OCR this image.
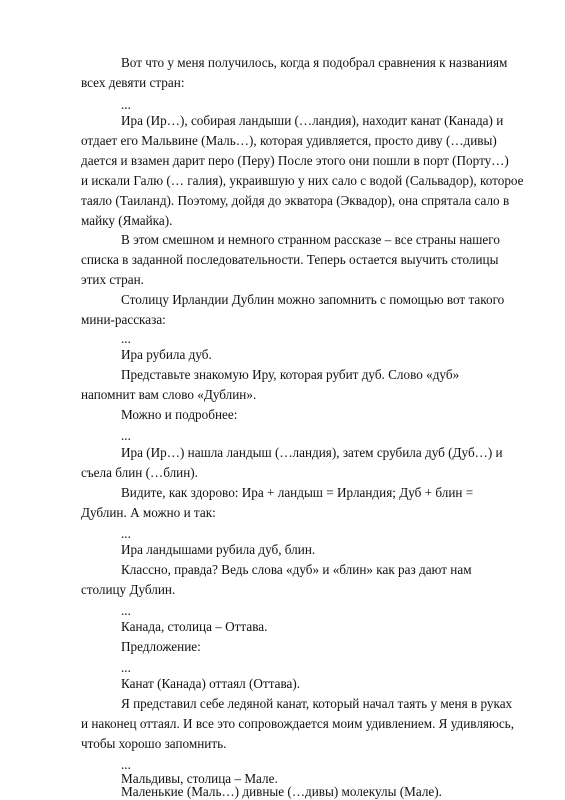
Вот что у меня получилось, когда я подобрал сравнения к названиям
всех девяти стран:
...
Ира (Ир…), собирая ландыши (…ландия), находит канат (Канада) и
отдает его Мальвине (Маль…), которая удивляется, просто диву (…дивы)
дается и взамен дарит перо (Перу) После этого они пошли в порт (Порту…)
и искали Галю (… галия), украившую у них сало с водой (Сальвадор), которое
таяло (Таиланд). Поэтому, дойдя до экватора (Эквадор), она спрятала сало в
майку (Ямайка).
В этом смешном и немного странном рассказе – все страны нашего
списка в заданной последовательности. Теперь остается выучить столицы
этих стран.
Столицу Ирландии Дублин можно запомнить с помощью вот такого
мини-рассказа:
...
Ира рубила дуб.
Представьте знакомую Иру, которая рубит дуб. Слово «дуб»
напомнит вам слово «Дублин».
Можно и подробнее:
...
Ира (Ир…) нашла ландыш (…ландия), затем срубила дуб (Дуб…) и
съела блин (…блин).
Видите, как здорово: Ира + ландыш = Ирландия; Дуб + блин =
Дублин. А можно и так:
...
Ира ландышами рубила дуб, блин.
Классно, правда? Ведь слова «дуб» и «блин» как раз дают нам
столицу Дублин.
...
Канада, столица – Оттава.
Предложение:
...
Канат (Канада) оттаял (Оттава).
Я представил себе ледяной канат, который начал таять у меня в руках
и наконец оттаял. И все это сопровождается моим удивлением. Я удивляюсь,
чтобы хорошо запомнить.
...
Мальдивы, столица – Мале.
Маленькие (Маль…) дивные (…дивы) молекулы (Мале).
